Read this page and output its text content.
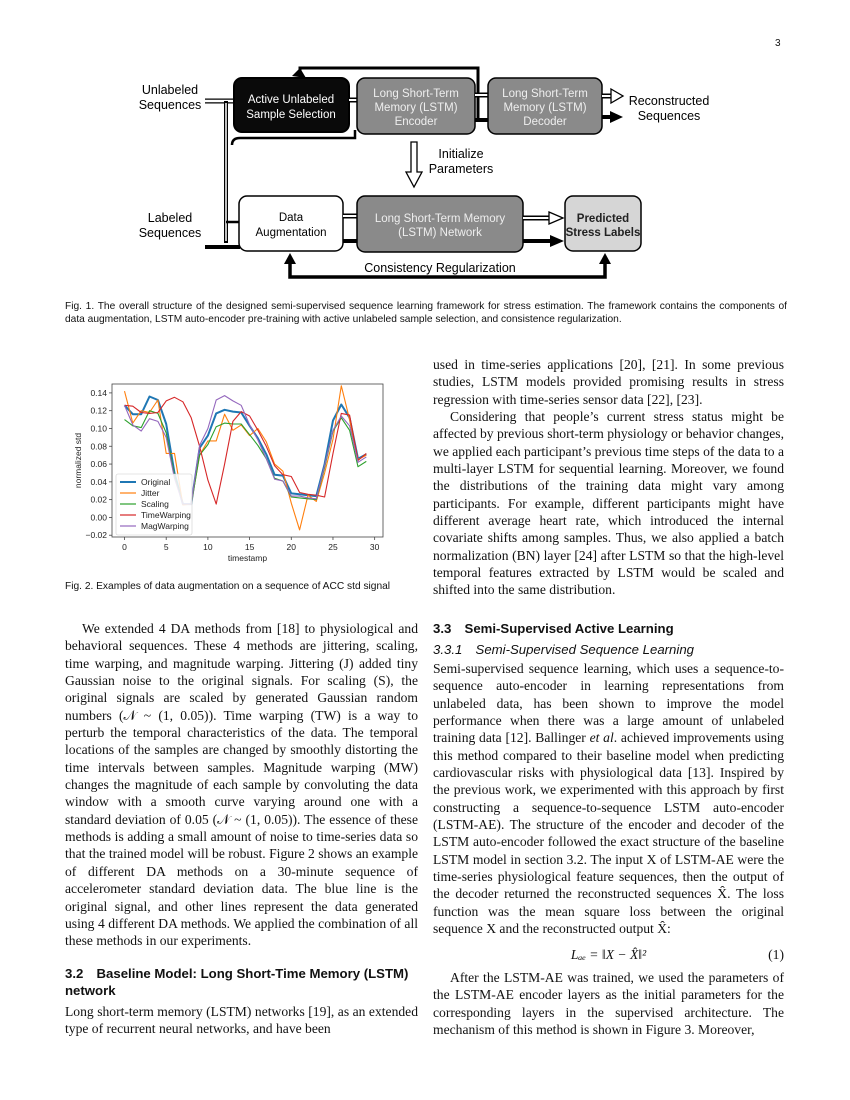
3
Unlabeled
Sequences
Labeled
Sequences
Active Unlabeled
Sample Selection
Long Short-Term
Memory (LSTM)
Encoder
Long Short-Term
Memory (LSTM)
Decoder
Reconstructed
Sequences
Initialize
Parameters
Data
Augmentation
Long Short-Term Memory
(LSTM) Network
Predicted
Stress Labels
Consistency Regularization
Fig. 1. The overall structure of the designed semi-supervised sequence learning framework for stress estimation. The framework contains the components of data augmentation, LSTM auto-encoder pre-training with active unlabeled sample selection, and consistence regularization.
0	5	10	15	20	25	30
−0.02
0.00
0.02
0.04
0.06
0.08
0.10
0.12
0.14
timestamp
normalized std	Original
Jitter
Scaling
TimeWarping
MagWarping
Fig. 2. Examples of data augmentation on a sequence of ACC std signal

We extended 4 DA methods from [18] to physiological and behavioral sequences. These 4 methods are jittering, scaling, time warping, and magnitude warping. Jittering (J) added tiny Gaussian noise to the original signals. For scaling (S), the original signals are scaled by generated Gaussian random numbers (𝒩 ~ (1, 0.05)). Time warping (TW) is a way to perturb the temporal characteristics of the data. The temporal locations of the samples are changed by smoothly distorting the time intervals between samples. Magnitude warping (MW) changes the magnitude of each sample by convoluting the data window with a smooth curve varying around one with a standard deviation of 0.05 (𝒩 ~ (1, 0.05)). The essence of these methods is adding a small amount of noise to time-series data so that the trained model will be robust. Figure 2 shows an example of different DA methods on a 30-minute sequence of accelerometer standard deviation data. The blue line is the original signal, and other lines represent the data generated using 4 different DA methods. We applied the combination of all these methods in our experiments.

3.2 Baseline Model: Long Short-Time Memory (LSTM) network

Long short-term memory (LSTM) networks [19], as an extended type of recurrent neural networks, and have been

used in time-series applications [20], [21]. In some previous studies, LSTM models provided promising results in stress regression with time-series sensor data [22], [23].

Considering that people’s current stress status might be affected by previous short-term physiology or behavior changes, we applied each participant’s previous time steps of the data to a multi-layer LSTM for sequential learning. Moreover, we found the distributions of the training data might vary among participants. For example, different participants might have different average heart rate, which introduced the internal covariate shifts among samples. Thus, we also applied a batch normalization (BN) layer [24] after LSTM so that the high-level temporal features extracted by LSTM would be scaled and shifted into the same distribution.

3.3 Semi-Supervised Active Learning

3.3.1 Semi-Supervised Sequence Learning

Semi-supervised sequence learning, which uses a sequence-to-sequence auto-encoder in learning representations from unlabeled data, has been shown to improve the model performance when there was a large amount of unlabeled training data [12]. Ballinger et al. achieved improvements using this method compared to their baseline model when predicting cardiovascular risks with physiological data [13]. Inspired by the previous work, we experimented with this approach by first constructing a sequence-to-sequence LSTM auto-encoder (LSTM-AE). The structure of the encoder and decoder of the LSTM auto-encoder followed the exact structure of the baseline LSTM model in section 3.2. The input X of LSTM-AE were the time-series physiological feature sequences, then the output of the decoder returned the reconstructed sequences X̂. The loss function was the mean square loss between the original sequence X and the reconstructed output X̂:

Lₐₑ = ‖X − X̂‖²	(1)

After the LSTM-AE was trained, we used the parameters of the LSTM-AE encoder layers as the initial parameters for the corresponding layers in the supervised architecture. The mechanism of this method is shown in Figure 3. Moreover,
